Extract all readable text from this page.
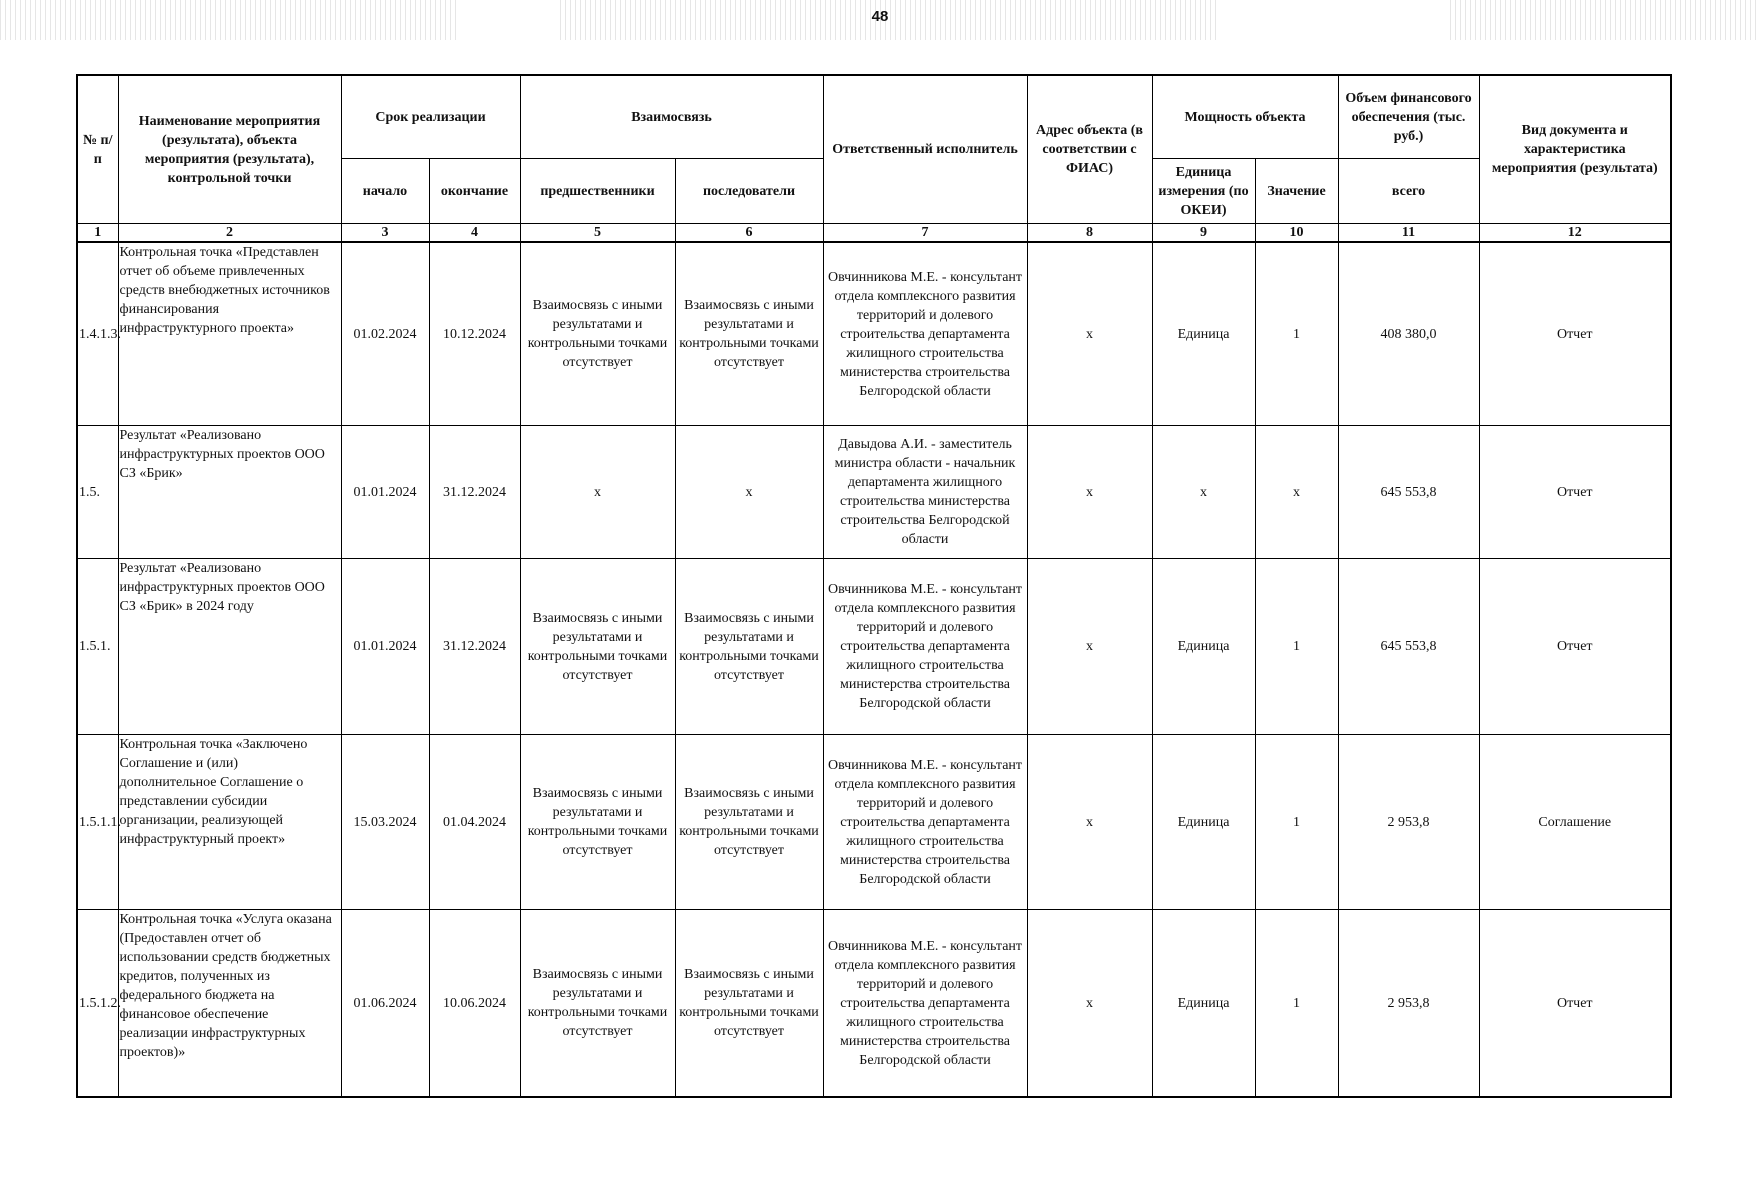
48
№ п/п	Наименование мероприятия (результата), объекта мероприятия (результата), контрольной точки	Срок реализации		Взаимосвязь		Ответственный исполнитель	Адрес объекта (в соответствии с ФИАС)	Мощность объекта		Объем финансового обеспечения (тыс. руб.)	Вид документа и характеристика мероприятия (результата)
		начало	окончание	предшественники	последователи			Единица измерения (по ОКЕИ)	Значение	всего	
1	2	3	4	5	6	7	8	9	10	11	12
1.4.1.3.	Контрольная точка «Представлен отчет об объеме привлеченных средств внебюджетных источников финансирования инфраструктурного проекта»	01.02.2024	10.12.2024	Взаимосвязь с иными результатами и контрольными точками отсутствует	Взаимосвязь с иными результатами и контрольными точками отсутствует	Овчинникова М.Е. - консультант отдела комплексного развития территорий и долевого строительства департамента жилищного строительства министерства строительства Белгородской области	х	Единица	1	408 380,0	Отчет
1.5.	Результат «Реализовано инфраструктурных проектов ООО СЗ «Брик»	01.01.2024	31.12.2024	х	х	Давыдова А.И. - заместитель министра области - начальник департамента жилищного строительства министерства строительства Белгородской области	х	х	х	645 553,8	Отчет
1.5.1.	Результат «Реализовано инфраструктурных проектов ООО СЗ «Брик» в 2024 году	01.01.2024	31.12.2024	Взаимосвязь с иными результатами и контрольными точками отсутствует	Взаимосвязь с иными результатами и контрольными точками отсутствует	Овчинникова М.Е. - консультант отдела комплексного развития территорий и долевого строительства департамента жилищного строительства министерства строительства Белгородской области	х	Единица	1	645 553,8	Отчет
1.5.1.1.	Контрольная точка «Заключено Соглашение и (или) дополнительное Соглашение о представлении субсидии организации, реализующей инфраструктурный проект»	15.03.2024	01.04.2024	Взаимосвязь с иными результатами и контрольными точками отсутствует	Взаимосвязь с иными результатами и контрольными точками отсутствует	Овчинникова М.Е. - консультант отдела комплексного развития территорий и долевого строительства департамента жилищного строительства министерства строительства Белгородской области	х	Единица	1	2 953,8	Соглашение
1.5.1.2.	Контрольная точка «Услуга оказана (Предоставлен отчет об использовании средств бюджетных кредитов, полученных из федерального бюджета на финансовое обеспечение реализации инфраструктурных проектов)»	01.06.2024	10.06.2024	Взаимосвязь с иными результатами и контрольными точками отсутствует	Взаимосвязь с иными результатами и контрольными точками отсутствует	Овчинникова М.Е. - консультант отдела комплексного развития территорий и долевого строительства департамента жилищного строительства министерства строительства Белгородской области	х	Единица	1	2 953,8	Отчет
